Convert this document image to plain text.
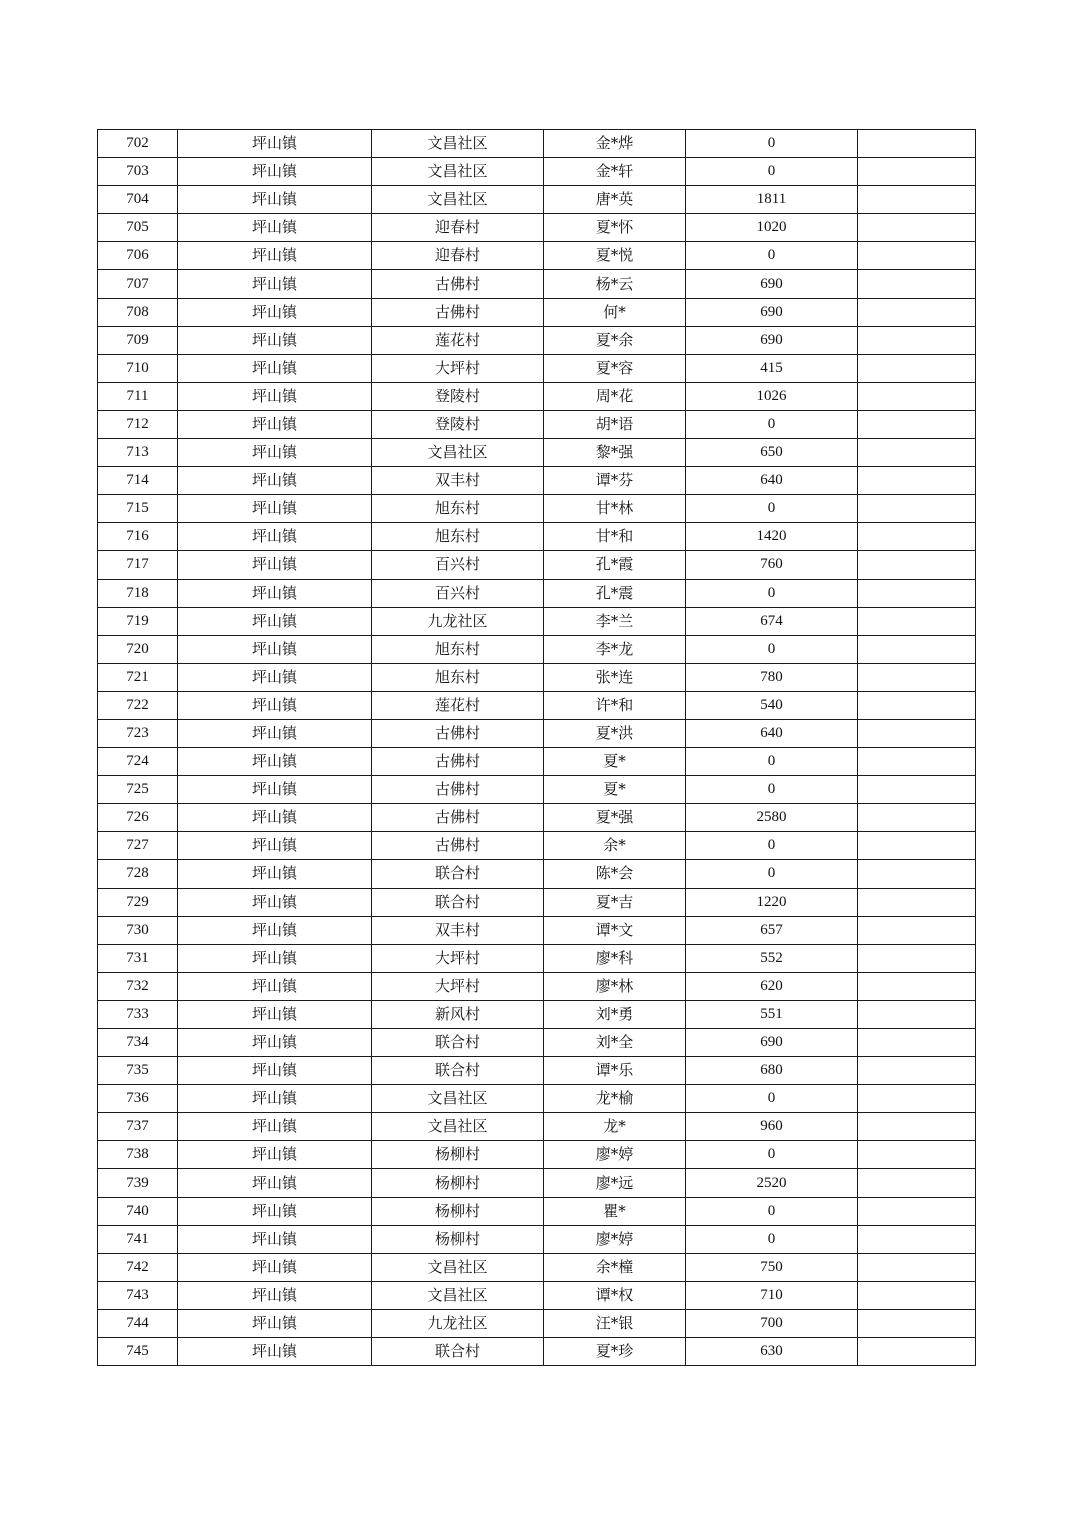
702	坪山镇	文昌社区	金*烨	0	
703	坪山镇	文昌社区	金*轩	0	
704	坪山镇	文昌社区	唐*英	1811	
705	坪山镇	迎春村	夏*怀	1020	
706	坪山镇	迎春村	夏*悦	0	
707	坪山镇	古佛村	杨*云	690	
708	坪山镇	古佛村	何*	690	
709	坪山镇	莲花村	夏*余	690	
710	坪山镇	大坪村	夏*容	415	
711	坪山镇	登陵村	周*花	1026	
712	坪山镇	登陵村	胡*语	0	
713	坪山镇	文昌社区	黎*强	650	
714	坪山镇	双丰村	谭*芬	640	
715	坪山镇	旭东村	甘*林	0	
716	坪山镇	旭东村	甘*和	1420	
717	坪山镇	百兴村	孔*霞	760	
718	坪山镇	百兴村	孔*震	0	
719	坪山镇	九龙社区	李*兰	674	
720	坪山镇	旭东村	李*龙	0	
721	坪山镇	旭东村	张*连	780	
722	坪山镇	莲花村	许*和	540	
723	坪山镇	古佛村	夏*洪	640	
724	坪山镇	古佛村	夏*	0	
725	坪山镇	古佛村	夏*	0	
726	坪山镇	古佛村	夏*强	2580	
727	坪山镇	古佛村	余*	0	
728	坪山镇	联合村	陈*会	0	
729	坪山镇	联合村	夏*吉	1220	
730	坪山镇	双丰村	谭*文	657	
731	坪山镇	大坪村	廖*科	552	
732	坪山镇	大坪村	廖*林	620	
733	坪山镇	新风村	刘*勇	551	
734	坪山镇	联合村	刘*全	690	
735	坪山镇	联合村	谭*乐	680	
736	坪山镇	文昌社区	龙*榆	0	
737	坪山镇	文昌社区	龙*	960	
738	坪山镇	杨柳村	廖*婷	0	
739	坪山镇	杨柳村	廖*远	2520	
740	坪山镇	杨柳村	瞿*	0	
741	坪山镇	杨柳村	廖*婷	0	
742	坪山镇	文昌社区	余*橦	750	
743	坪山镇	文昌社区	谭*权	710	
744	坪山镇	九龙社区	汪*银	700	
745	坪山镇	联合村	夏*珍	630	
